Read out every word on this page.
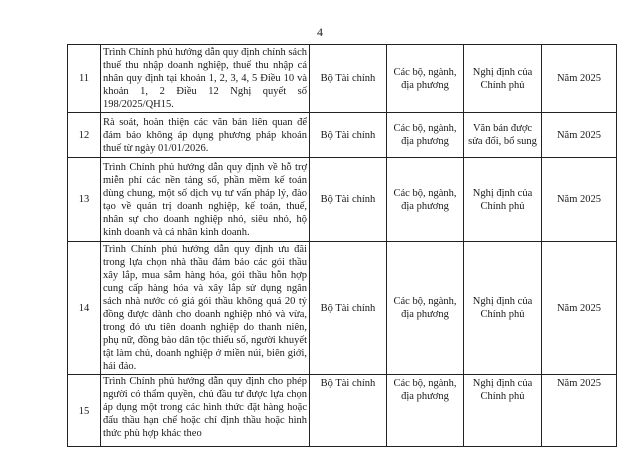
4
11	Trình Chính phủ hướng dẫn quy định chính sách thuế thu nhập doanh nghiệp, thuế thu nhập cá nhân quy định tại khoản 1, 2, 3, 4, 5 Điều 10 và khoản 1, 2 Điều 12 Nghị quyết số 198/2025/QH15.	Bộ Tài chính	Các bộ, ngành, địa phương	Nghị định của Chính phủ	Năm 2025
12	Rà soát, hoàn thiện các văn bản liên quan để đảm bảo không áp dụng phương pháp khoán thuế từ ngày 01/01/2026.	Bộ Tài chính	Các bộ, ngành, địa phương	Văn bản được sửa đổi, bổ sung	Năm 2025
13	Trình Chính phủ hướng dẫn quy định về hỗ trợ miễn phí các nền tảng số, phần mềm kế toán dùng chung, một số dịch vụ tư vấn pháp lý, đào tạo về quản trị doanh nghiệp, kế toán, thuế, nhân sự cho doanh nghiệp nhỏ, siêu nhỏ, hộ kinh doanh và cá nhân kinh doanh.	Bộ Tài chính	Các bộ, ngành, địa phương	Nghị định của Chính phủ	Năm 2025
14	Trình Chính phủ hướng dẫn quy định ưu đãi trong lựa chọn nhà thầu đảm bảo các gói thầu xây lắp, mua sắm hàng hóa, gói thầu hỗn hợp cung cấp hàng hóa và xây lắp sử dụng ngân sách nhà nước có giá gói thầu không quá 20 tỷ đồng được dành cho doanh nghiệp nhỏ và vừa, trong đó ưu tiên doanh nghiệp do thanh niên, phụ nữ, đồng bào dân tộc thiểu số, người khuyết tật làm chủ, doanh nghiệp ở miền núi, biên giới, hải đảo.	Bộ Tài chính	Các bộ, ngành, địa phương	Nghị định của Chính phủ	Năm 2025
15	Trình Chính phủ hướng dẫn quy định cho phép người có thẩm quyền, chủ đầu tư được lựa chọn áp dụng một trong các hình thức đặt hàng hoặc đấu thầu hạn chế hoặc chỉ định thầu hoặc hình thức phù hợp khác theo	Bộ Tài chính	Các bộ, ngành, địa phương	Nghị định của Chính phủ	Năm 2025
